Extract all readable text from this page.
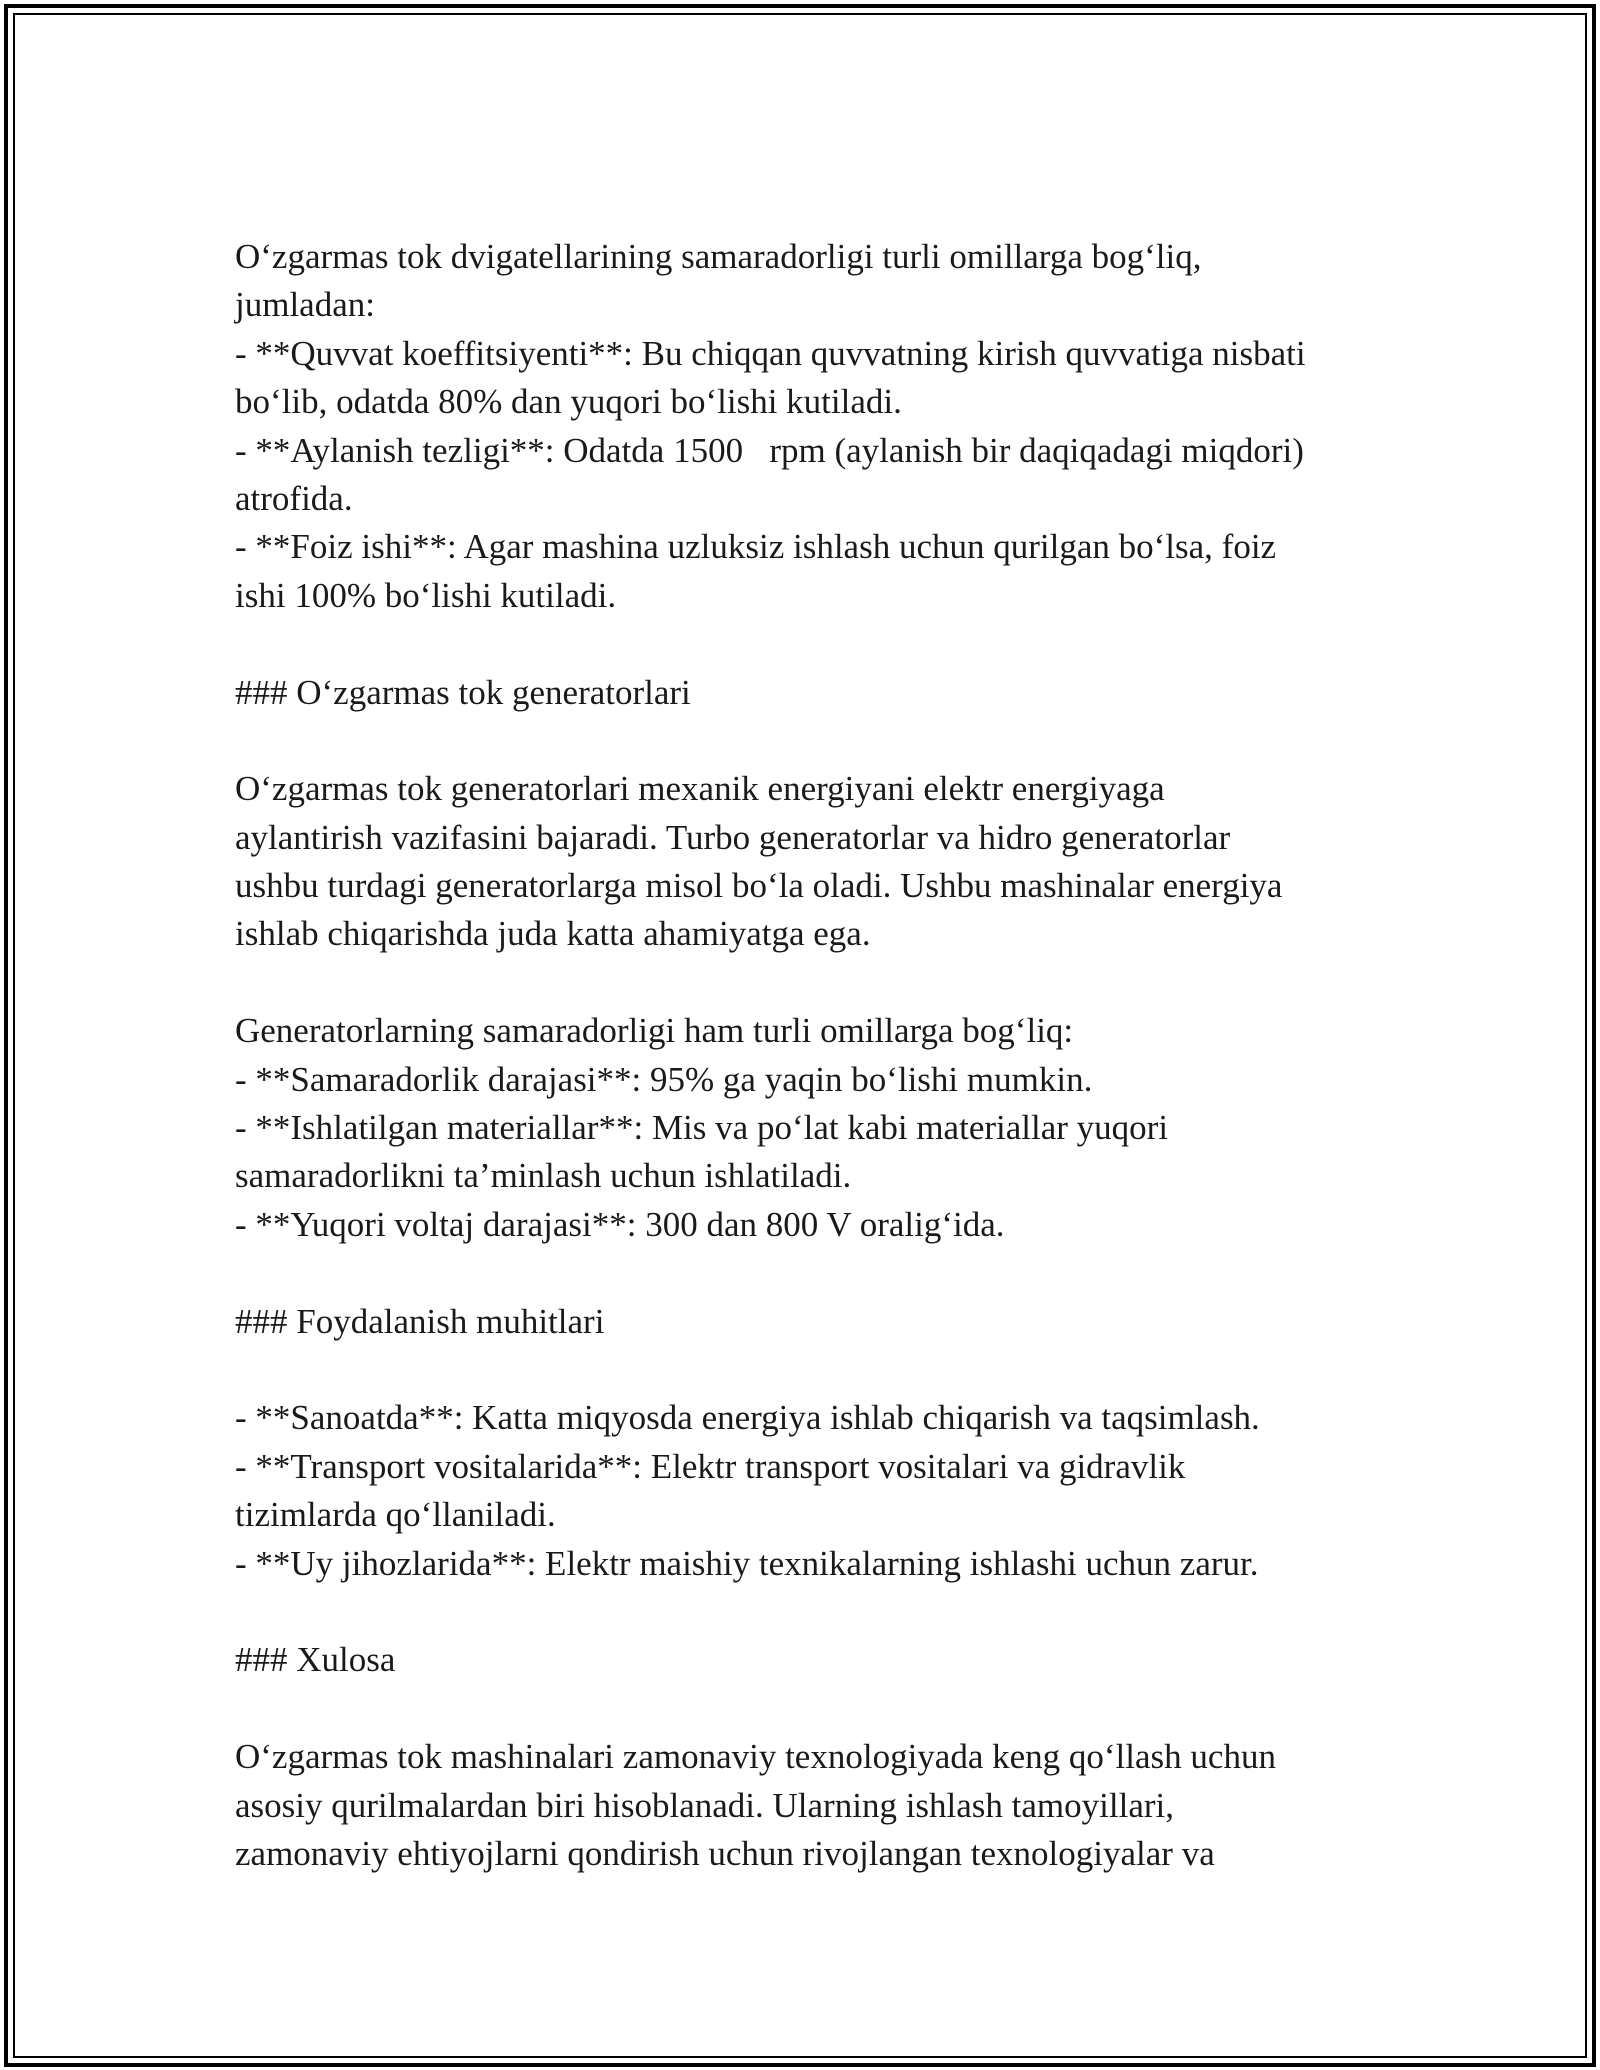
O‘zgarmas tok dvigatellarining samaradorligi turli omillarga bog‘liq,
jumladan:
- **Quvvat koeffitsiyenti**: Bu chiqqan quvvatning kirish quvvatiga nisbati
bo‘lib, odatda 80% dan yuqori bo‘lishi kutiladi.
- **Aylanish tezligi**: Odatda 1500   rpm (aylanish bir daqiqadagi miqdori)
atrofida.
- **Foiz ishi**: Agar mashina uzluksiz ishlash uchun qurilgan bo‘lsa, foiz
ishi 100% bo‘lishi kutiladi.
### O‘zgarmas tok generatorlari
O‘zgarmas tok generatorlari mexanik energiyani elektr energiyaga
aylantirish vazifasini bajaradi. Turbo generatorlar va hidro generatorlar
ushbu turdagi generatorlarga misol bo‘la oladi. Ushbu mashinalar energiya
ishlab chiqarishda juda katta ahamiyatga ega.
Generatorlarning samaradorligi ham turli omillarga bog‘liq:
- **Samaradorlik darajasi**: 95% ga yaqin bo‘lishi mumkin.
- **Ishlatilgan materiallar**: Mis va po‘lat kabi materiallar yuqori
samaradorlikni ta’minlash uchun ishlatiladi.
- **Yuqori voltaj darajasi**: 300 dan 800 V oralig‘ida.
### Foydalanish muhitlari
- **Sanoatda**: Katta miqyosda energiya ishlab chiqarish va taqsimlash.
- **Transport vositalarida**: Elektr transport vositalari va gidravlik
tizimlarda qo‘llaniladi.
- **Uy jihozlarida**: Elektr maishiy texnikalarning ishlashi uchun zarur.
### Xulosa
O‘zgarmas tok mashinalari zamonaviy texnologiyada keng qo‘llash uchun
asosiy qurilmalardan biri hisoblanadi. Ularning ishlash tamoyillari,
zamonaviy ehtiyojlarni qondirish uchun rivojlangan texnologiyalar va
